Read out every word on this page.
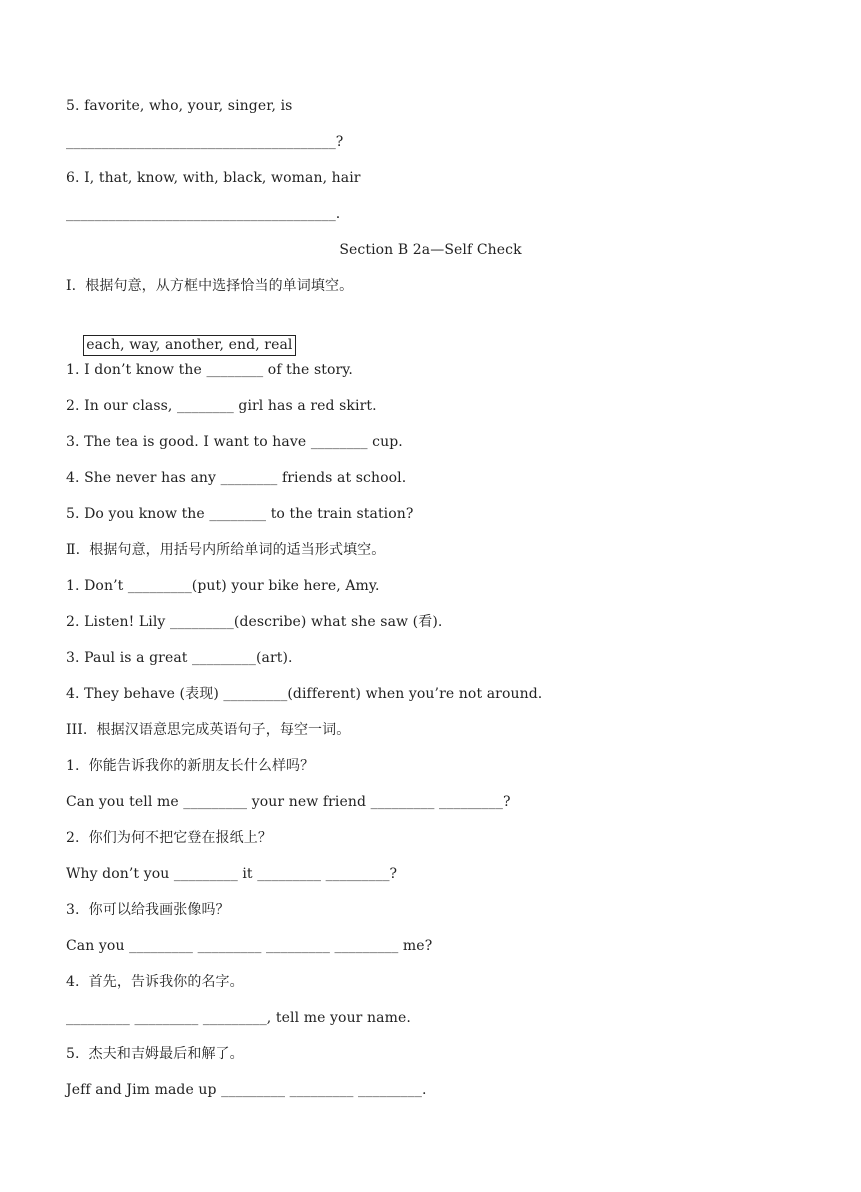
5. favorite, who, your, singer, is
______________________________________?
6. I, that, know, with, black, woman, hair
______________________________________.
Section B 2a—Self Check
Ⅰ.  根据句意，从方框中选择恰当的单词填空。

each, way, another, end, real

1. I don’t know the ________ of the story.
2. In our class, ________ girl has a red skirt.
3. The tea is good. I want to have ________ cup.
4. She never has any ________ friends at school.
5. Do you know the ________ to the train station?
Ⅱ.  根据句意，用括号内所给单词的适当形式填空。
1. Don’t _________(put) your bike here, Amy.
2. Listen! Lily _________(describe) what she saw (看).
3. Paul is a great _________(art).
4. They behave (表现) _________(different) when you’re not around.
III.  根据汉语意思完成英语句子，每空一词。
1.  你能告诉我你的新朋友长什么样吗？
Can you tell me _________ your new friend _________ _________?
2.  你们为何不把它登在报纸上？
Why don’t you _________ it _________ _________?
3.  你可以给我画张像吗？
Can you _________ _________ _________ _________ me?
4.  首先，告诉我你的名字。
_________ _________ _________, tell me your name.
5.  杰夫和吉姆最后和解了。
Jeff and Jim made up _________ _________ _________.
